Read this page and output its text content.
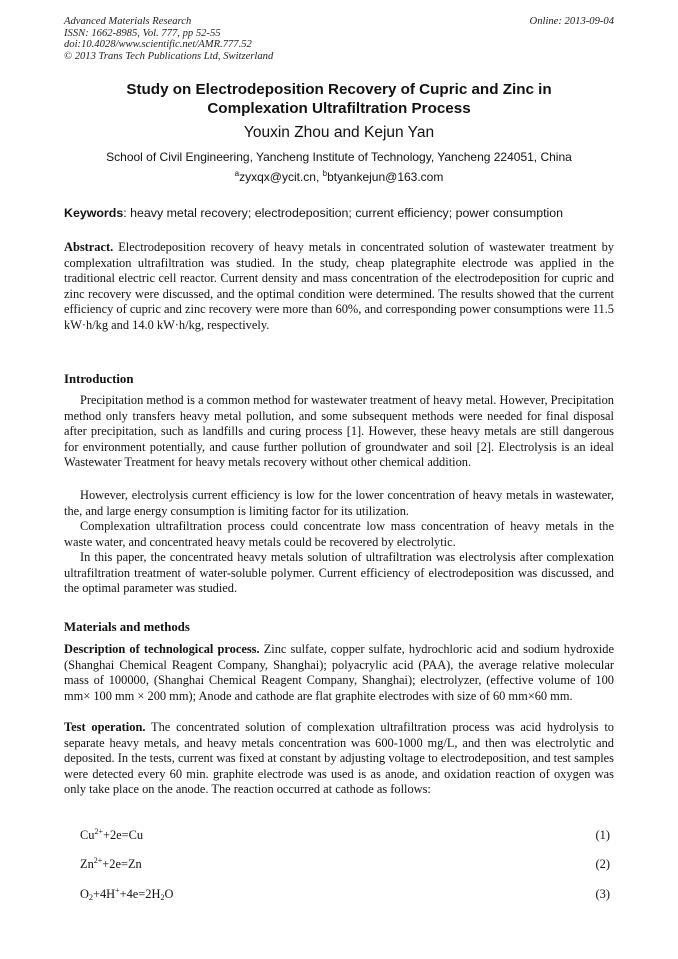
Advanced Materials Research
ISSN: 1662-8985, Vol. 777, pp 52-55
doi:10.4028/www.scientific.net/AMR.777.52
© 2013 Trans Tech Publications Ltd, Switzerland
Online: 2013-09-04
Study on Electrodeposition Recovery of Cupric and Zinc in
Complexation Ultrafiltration Process
Youxin Zhou and Kejun Yan
School of Civil Engineering, Yancheng Institute of Technology, Yancheng 224051, China
$^a$zyxqx@ycit.cn, $^b$btyankejun@163.com
Keywords: heavy metal recovery; electrodeposition; current efficiency; power consumption

Abstract. Electrodeposition recovery of heavy metals in concentrated solution of wastewater treatment by complexation ultrafiltration was studied. In the study, cheap plategraphite electrode was applied in the traditional electric cell reactor. Current density and mass concentration of the electrodeposition for cupric and zinc recovery were discussed, and the optimal condition were determined. The results showed that the current efficiency of cupric and zinc recovery were more than 60%, and corresponding power consumptions were 11.5 kW·h/kg and 14.0 kW·h/kg, respectively.

Introduction

Precipitation method is a common method for wastewater treatment of heavy metal. However, Precipitation method only transfers heavy metal pollution, and some subsequent methods were needed for final disposal after precipitation, such as landfills and curing process [1]. However, these heavy metals are still dangerous for environment potentially, and cause further pollution of groundwater and soil [2]. Electrolysis is an ideal Wastewater Treatment for heavy metals recovery without other chemical addition.

However, electrolysis current efficiency is low for the lower concentration of heavy metals in wastewater, the, and large energy consumption is limiting factor for its utilization.

Complexation ultrafiltration process could concentrate low mass concentration of heavy metals in the waste water, and concentrated heavy metals could be recovered by electrolytic.

In this paper, the concentrated heavy metals solution of ultrafiltration was electrolysis after complexation ultrafiltration treatment of water-soluble polymer. Current efficiency of electrodeposition was discussed, and the optimal parameter was studied.

Materials and methods

Description of technological process. Zinc sulfate, copper sulfate, hydrochloric acid and sodium hydroxide (Shanghai Chemical Reagent Company, Shanghai); polyacrylic acid (PAA), the average relative molecular mass of 100000, (Shanghai Chemical Reagent Company, Shanghai); electrolyzer, (effective volume of 100 mm× 100 mm × 200 mm); Anode and cathode are flat graphite electrodes with size of 60 mm×60 mm.

Test operation. The concentrated solution of complexation ultrafiltration process was acid hydrolysis to separate heavy metals, and heavy metals concentration was 600-1000 mg/L, and then was electrolytic and deposited. In the tests, current was fixed at constant by adjusting voltage to electrodeposition, and test samples were detected every 60 min. graphite electrode was used is as anode, and oxidation reaction of oxygen was only take place on the anode. The reaction occurred at cathode as follows:

$Cu^{2+}+2e=Cu$	(1)
$Zn^{2+}+2e=Zn$	(2)
$O_2+4H^++4e=2H_2O$	(3)
